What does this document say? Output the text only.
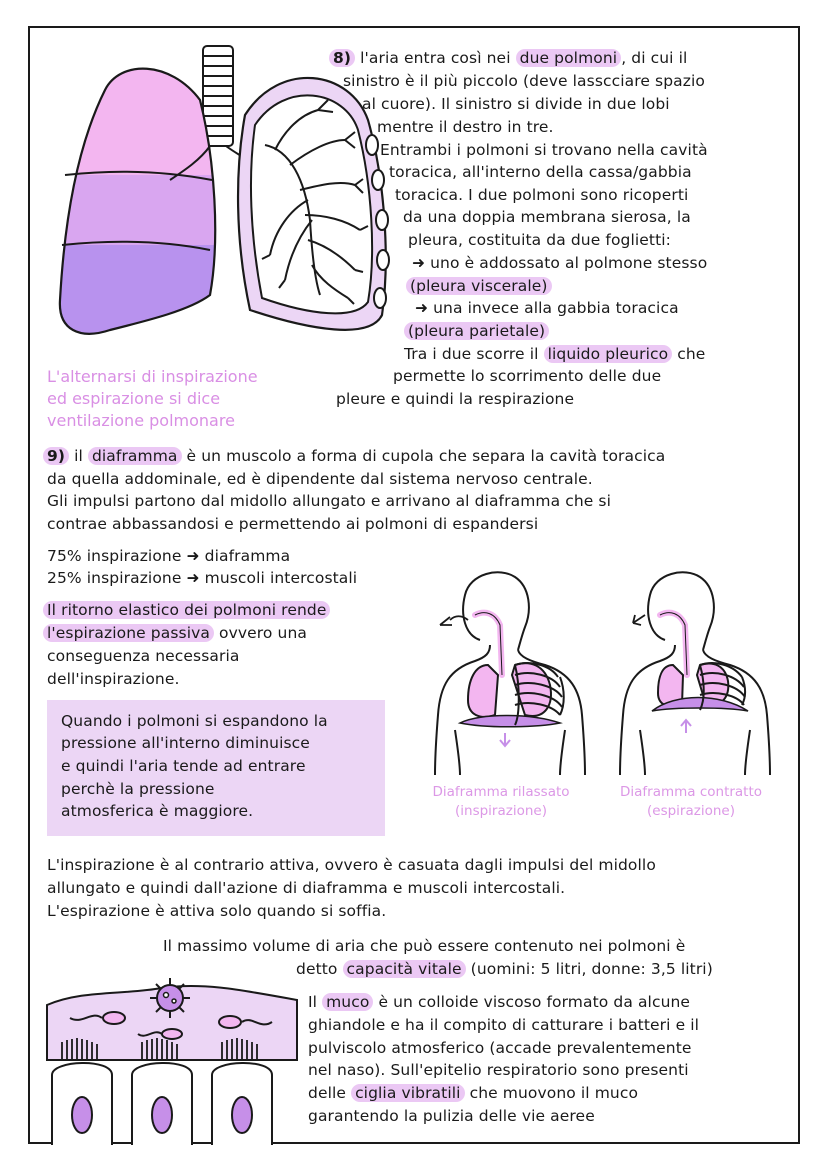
8) l'aria entra così nei due polmoni , di cui il
sinistro è il più piccolo (deve lasscciare spazio
al cuore). Il sinistro si divide in due lobi
mentre il destro in tre.
Entrambi i polmoni si trovano nella cavità
toracica, all'interno della cassa/gabbia
toracica. I due polmoni sono ricoperti
da una doppia membrana sierosa, la
pleura, costituita da due foglietti:
➜ uno è addossato al polmone stesso
(pleura viscerale)
➜ una invece alla gabbia toracica
(pleura parietale)
Tra i due scorre il liquido pleurico che
permette lo scorrimento delle due
pleure e quindi la respirazione
L'alternarsi di inspirazione
ed espirazione si dice
ventilazione polmonare
9) il diaframma è un muscolo a forma di cupola che separa la cavità toracica
da quella addominale, ed è dipendente dal sistema nervoso centrale.
Gli impulsi partono dal midollo allungato e arrivano al diaframma che si
contrae abbassandosi e permettendo ai polmoni di espandersi
75% inspirazione ➜ diaframma
25% inspirazione ➜ muscoli intercostali
Il ritorno elastico dei polmoni rende
l'espirazione passiva ovvero una
conseguenza necessaria
dell'inspirazione.
Quando i polmoni si espandono la
pressione all'interno diminuisce
e quindi l'aria tende ad entrare
perchè la pressione
atmosferica è maggiore.
Diaframma rilassato
(inspirazione)
Diaframma contratto
(espirazione)
L'inspirazione è al contrario attiva, ovvero è casuata dagli impulsi del midollo
allungato e quindi dall'azione di diaframma e muscoli intercostali.
L'espirazione è attiva solo quando si soffia.
Il massimo volume di aria che può essere contenuto nei polmoni è
detto capacità vitale (uomini: 5 litri, donne: 3,5 litri)
Il muco è un colloide viscoso formato da alcune
ghiandole e ha il compito di catturare i batteri e il
pulviscolo atmosferico (accade prevalentemente
nel naso). Sull'epitelio respiratorio sono presenti
delle ciglia vibratili che muovono il muco
garantendo la pulizia delle vie aeree
